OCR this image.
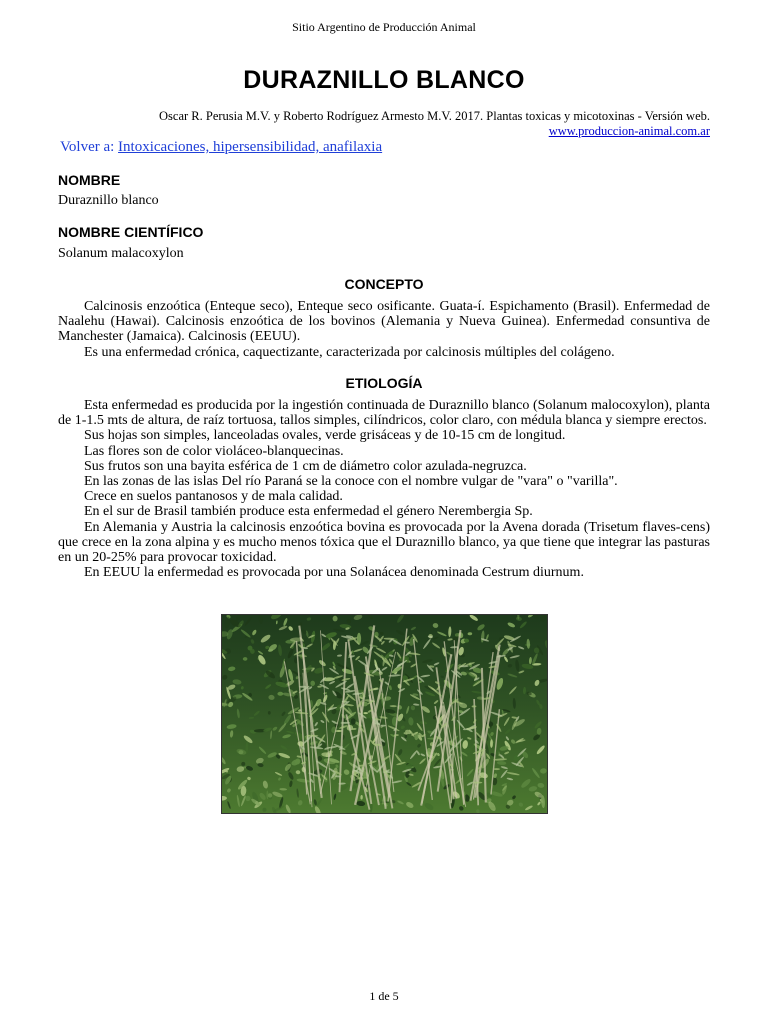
Sitio Argentino de Producción Animal
DURAZNILLO BLANCO
Oscar R. Perusia M.V. y Roberto Rodríguez Armesto M.V. 2017. Plantas toxicas y micotoxinas - Versión web.
www.produccion-animal.com.ar
Volver a: Intoxicaciones, hipersensibilidad, anafilaxia
NOMBRE
Duraznillo blanco
NOMBRE CIENTÍFICO
Solanum malacoxylon
CONCEPTO

Calcinosis enzoótica (Enteque seco), Enteque seco osificante. Guata-í. Espichamento (Brasil). Enfermedad de Naalehu (Hawai). Calcinosis enzoótica de los bovinos (Alemania y Nueva Guinea). Enfermedad consuntiva de Manchester (Jamaica). Calcinosis (EEUU).

Es una enfermedad crónica, caquectizante, caracterizada por calcinosis múltiples del colágeno.

ETIOLOGÍA

Esta enfermedad es producida por la ingestión continuada de Duraznillo blanco (Solanum malocoxylon), planta de 1-1.5 mts de altura, de raíz tortuosa, tallos simples, cilíndricos, color claro, con médula blanca y siempre erectos.

Sus hojas son simples, lanceoladas ovales, verde grisáceas y de 10-15 cm de longitud.

Las flores son de color violáceo-blanquecinas.

Sus frutos son una bayita esférica de 1 cm de diámetro color azulada-negruzca.

En las zonas de las islas Del río Paraná se la conoce con el nombre vulgar de "vara" o "varilla".

Crece en suelos pantanosos y de mala calidad.

En el sur de Brasil también produce esta enfermedad el género Nerembergia Sp.

En Alemania y Austria la calcinosis enzoótica bovina es provocada por la Avena dorada (Trisetum flaves-cens) que crece en la zona alpina y es mucho menos tóxica que el Duraznillo blanco, ya que tiene que integrar las pasturas en un 20-25% para provocar toxicidad.

En EEUU la enfermedad es provocada por una Solanácea denominada Cestrum diurnum.

1 de 5
